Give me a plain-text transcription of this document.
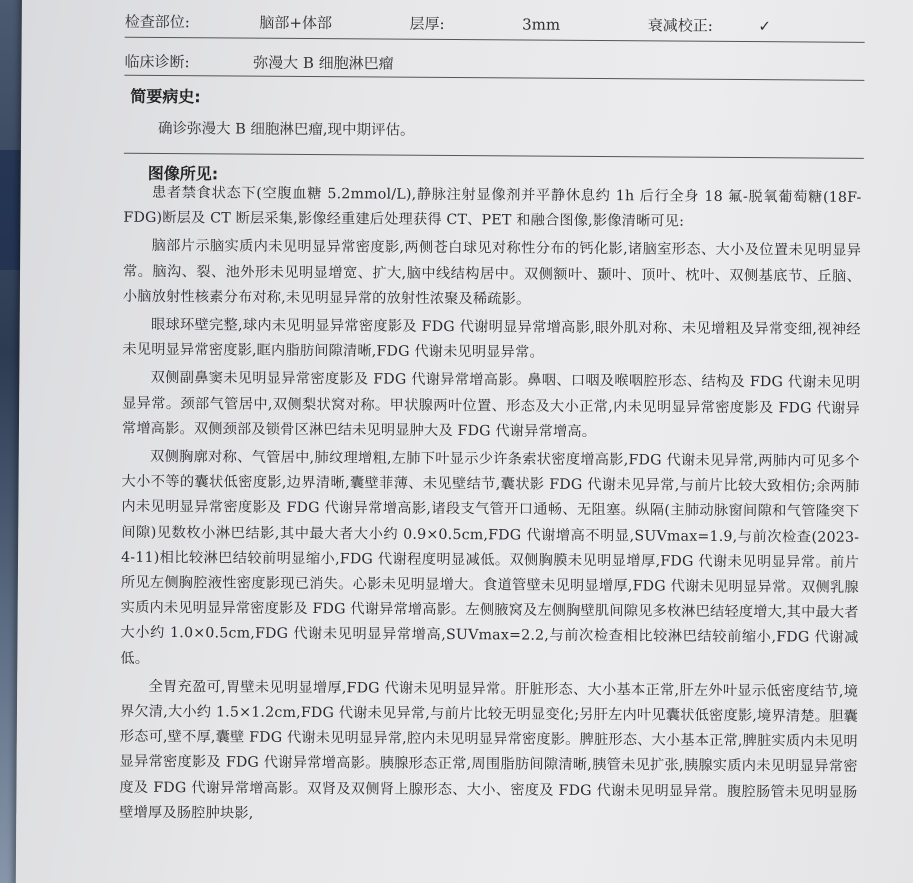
检查部位:	脑部+体部	层厚:	3mm	衰减校正:	✓
临床诊断:	弥漫大 B 细胞淋巴瘤
简要病史:
确诊弥漫大 B 细胞淋巴瘤,现中期评估。
图像所见:

患者禁食状态下(空腹血糖 5.2mmol/L),静脉注射显像剂并平静休息约 1h 后行全身 18 氟-脱氧葡萄糖(18F-FDG)断层及 CT 断层采集,影像经重建后处理获得 CT、PET 和融合图像,影像清晰可见:

脑部片示脑实质内未见明显异常密度影,两侧苍白球见对称性分布的钙化影,诸脑室形态、大小及位置未见明显异常。脑沟、裂、池外形未见明显增宽、扩大,脑中线结构居中。双侧额叶、颞叶、顶叶、枕叶、双侧基底节、丘脑、小脑放射性核素分布对称,未见明显异常的放射性浓聚及稀疏影。

眼球环壁完整,球内未见明显异常密度影及 FDG 代谢明显异常增高影,眼外肌对称、未见增粗及异常变细,视神经未见明显异常密度影,眶内脂肪间隙清晰,FDG 代谢未见明显异常。

双侧副鼻窦未见明显异常密度影及 FDG 代谢异常增高影。鼻咽、口咽及喉咽腔形态、结构及 FDG 代谢未见明显异常。颈部气管居中,双侧梨状窝对称。甲状腺两叶位置、形态及大小正常,内未见明显异常密度影及 FDG 代谢异常增高影。双侧颈部及锁骨区淋巴结未见明显肿大及 FDG 代谢异常增高。

双侧胸廓对称、气管居中,肺纹理增粗,左肺下叶显示少许条索状密度增高影,FDG 代谢未见异常,两肺内可见多个大小不等的囊状低密度影,边界清晰,囊壁菲薄、未见壁结节,囊状影 FDG 代谢未见异常,与前片比较大致相仿;余两肺内未见明显异常密度影及 FDG 代谢异常增高影,诸段支气管开口通畅、无阻塞。纵隔(主肺动脉窗间隙和气管隆突下间隙)见数枚小淋巴结影,其中最大者大小约 0.9×0.5cm,FDG 代谢增高不明显,SUVmax=1.9,与前次检查(2023-4-11)相比较淋巴结较前明显缩小,FDG 代谢程度明显减低。双侧胸膜未见明显增厚,FDG 代谢未见明显异常。前片所见左侧胸腔液性密度影现已消失。心影未见明显增大。食道管壁未见明显增厚,FDG 代谢未见明显异常。双侧乳腺实质内未见明显异常密度影及 FDG 代谢异常增高影。左侧腋窝及左侧胸壁肌间隙见多枚淋巴结轻度增大,其中最大者大小约 1.0×0.5cm,FDG 代谢未见明显异常增高,SUVmax=2.2,与前次检查相比较淋巴结较前缩小,FDG 代谢减低。

全胃充盈可,胃壁未见明显增厚,FDG 代谢未见明显异常。肝脏形态、大小基本正常,肝左外叶显示低密度结节,境界欠清,大小约 1.5×1.2cm,FDG 代谢未见异常,与前片比较无明显变化;另肝左内叶见囊状低密度影,境界清楚。胆囊形态可,壁不厚,囊壁 FDG 代谢未见明显异常,腔内未见明显异常密度影。脾脏形态、大小基本正常,脾脏实质内未见明显异常密度影及 FDG 代谢异常增高影。胰腺形态正常,周围脂肪间隙清晰,胰管未见扩张,胰腺实质内未见明显异常密度及 FDG 代谢异常增高影。双肾及双侧肾上腺形态、大小、密度及 FDG 代谢未见明显异常。腹腔肠管未见明显肠壁增厚及肠腔肿块影,
